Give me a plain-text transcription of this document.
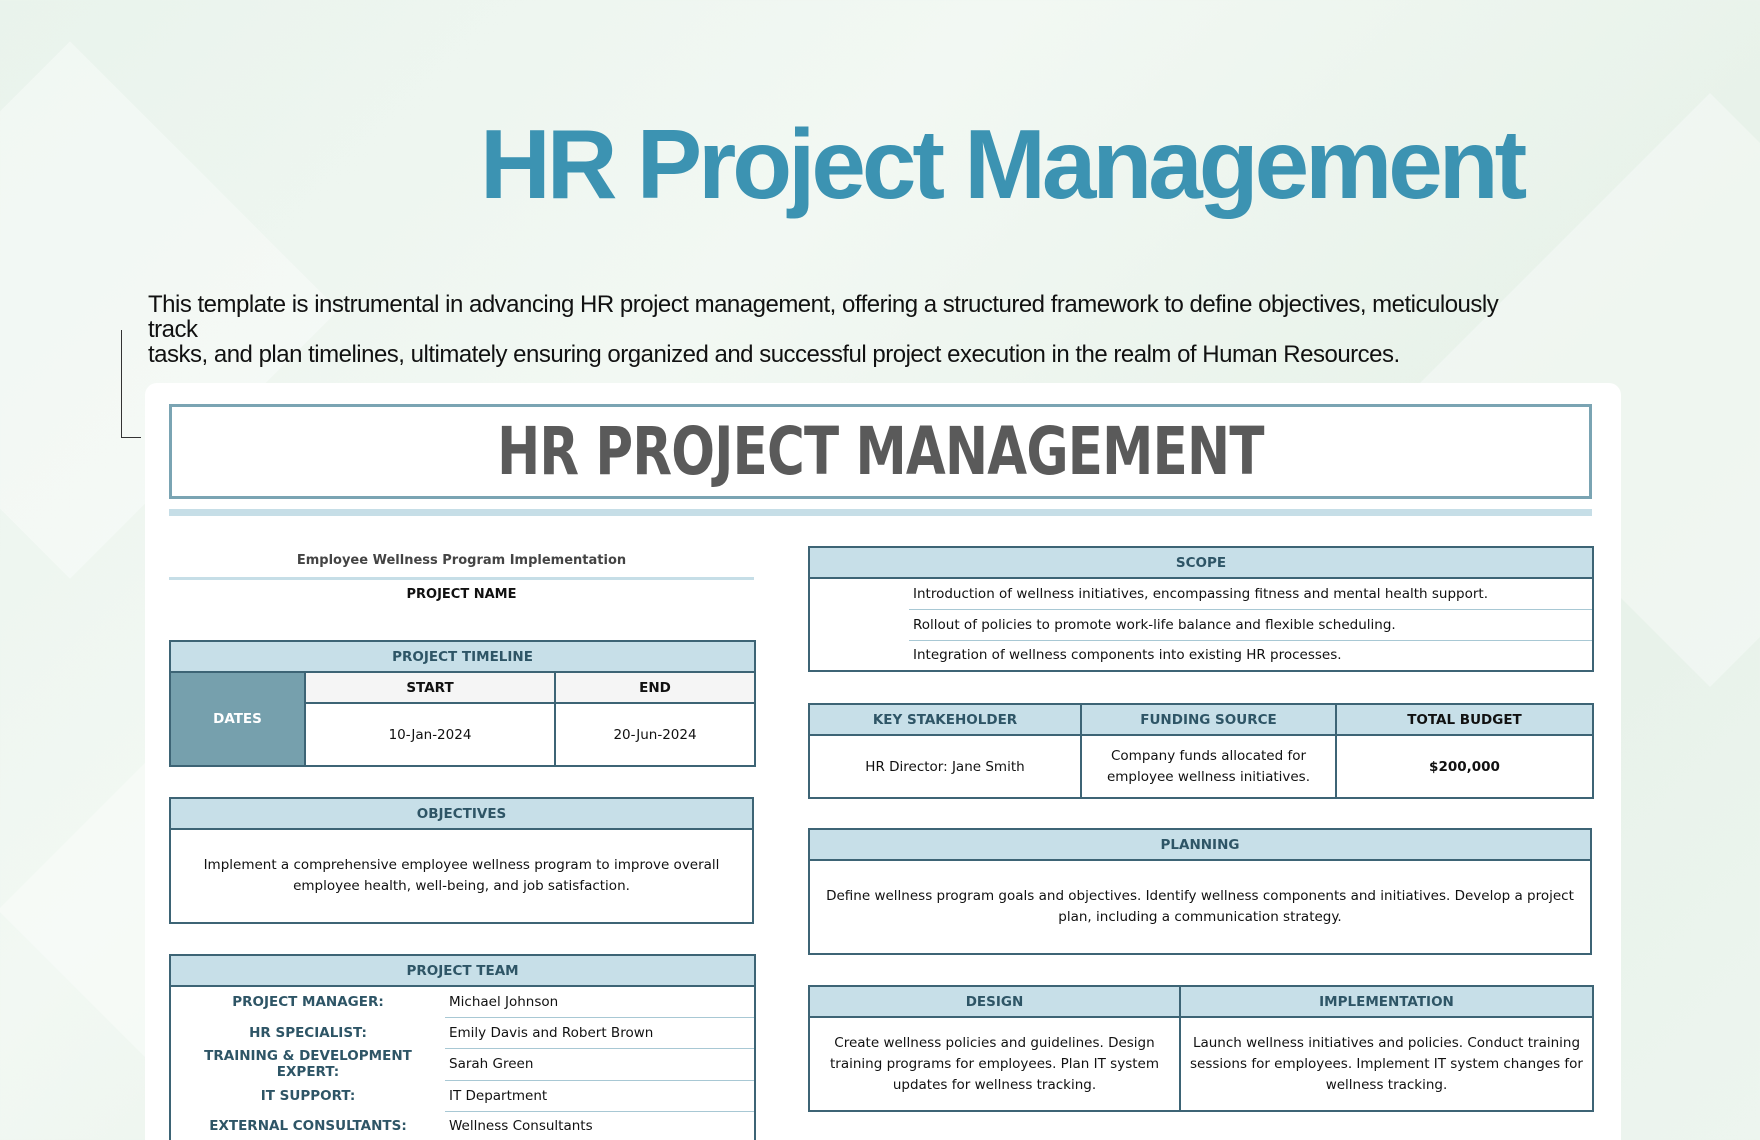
HR Project Management
This template is instrumental in advancing HR project management, offering a structured framework to define objectives, meticulously track
tasks, and plan timelines, ultimately ensuring organized and successful project execution in the realm of Human Resources.
HR PROJECT MANAGEMENT
Employee Wellness Program Implementation
PROJECT NAME
PROJECT TIMELINE		
DATES	START	END
	10-Jan-2024	20-Jun-2024
OBJECTIVES
Implement a comprehensive employee wellness program to improve overall employee health, well-being, and job satisfaction.
PROJECT TEAM	
PROJECT MANAGER:	Michael Johnson
HR SPECIALIST:	Emily Davis and Robert Brown
TRAINING & DEVELOPMENT EXPERT:	Sarah Green
IT SUPPORT:	IT Department
EXTERNAL CONSULTANTS:	Wellness Consultants
SCOPE
	Introduction of wellness initiatives, encompassing fitness and mental health support.
Rollout of policies to promote work-life balance and flexible scheduling.
Integration of wellness components into existing HR processes.
KEY STAKEHOLDER	FUNDING SOURCE	TOTAL BUDGET
HR Director: Jane Smith	Company funds allocated for employee wellness initiatives.	$200,000
PLANNING
Define wellness program goals and objectives. Identify wellness components and initiatives. Develop a project plan, including a communication strategy.
DESIGN	IMPLEMENTATION
Create wellness policies and guidelines. Design training programs for employees. Plan IT system updates for wellness tracking.	Launch wellness initiatives and policies. Conduct training sessions for employees. Implement IT system changes for wellness tracking.
